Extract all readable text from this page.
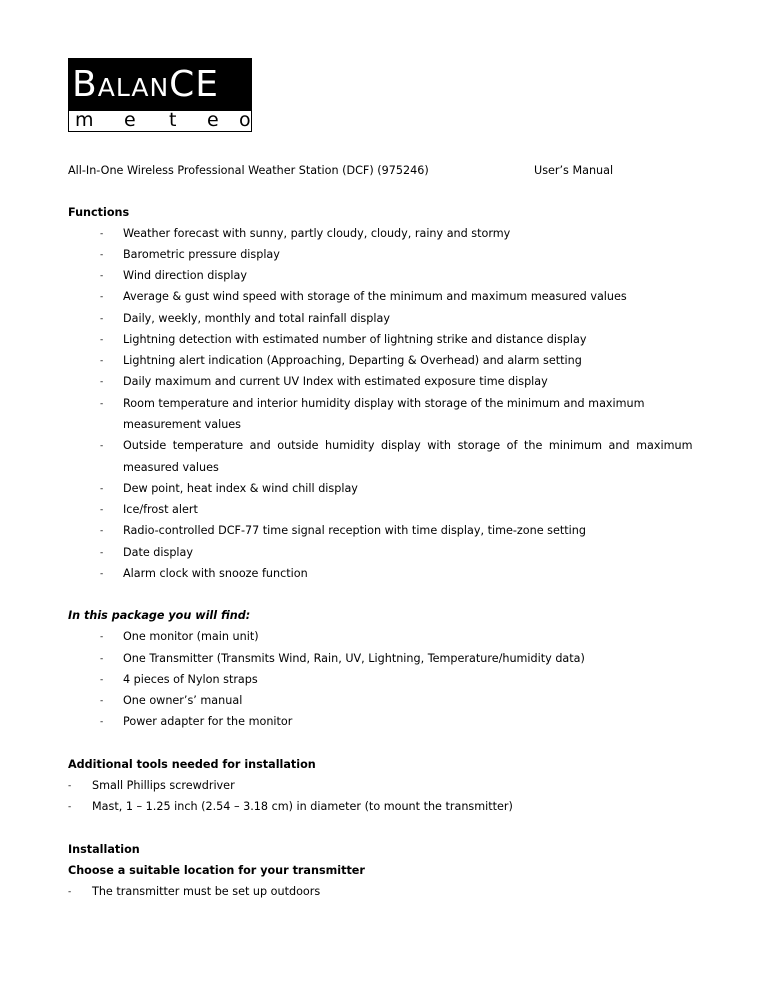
BALANCE
m e t e o
All-In-One Wireless Professional Weather Station (DCF) (975246)	User’s Manual
Functions
- Weather forecast with sunny, partly cloudy, cloudy, rainy and stormy
- Barometric pressure display
- Wind direction display
- Average & gust wind speed with storage of the minimum and maximum measured values
- Daily, weekly, monthly and total rainfall display
- Lightning detection with estimated number of lightning strike and distance display
- Lightning alert indication (Approaching, Departing & Overhead) and alarm setting
- Daily maximum and current UV Index with estimated exposure time display
- Room temperature and interior humidity display with storage of the minimum and maximum
measurement values
- Outside temperature and outside humidity display with storage of the minimum and maximum
measured values
- Dew point, heat index & wind chill display
- Ice/frost alert
- Radio-controlled DCF-77 time signal reception with time display, time-zone setting
- Date display
- Alarm clock with snooze function
In this package you will find:
- One monitor (main unit)
- One Transmitter (Transmits Wind, Rain, UV, Lightning, Temperature/humidity data)
- 4 pieces of Nylon straps
- One owner’s’ manual
- Power adapter for the monitor
Additional tools needed for installation
- Small Phillips screwdriver
- Mast, 1 – 1.25 inch (2.54 – 3.18 cm) in diameter (to mount the transmitter)
Installation
Choose a suitable location for your transmitter
- The transmitter must be set up outdoors
